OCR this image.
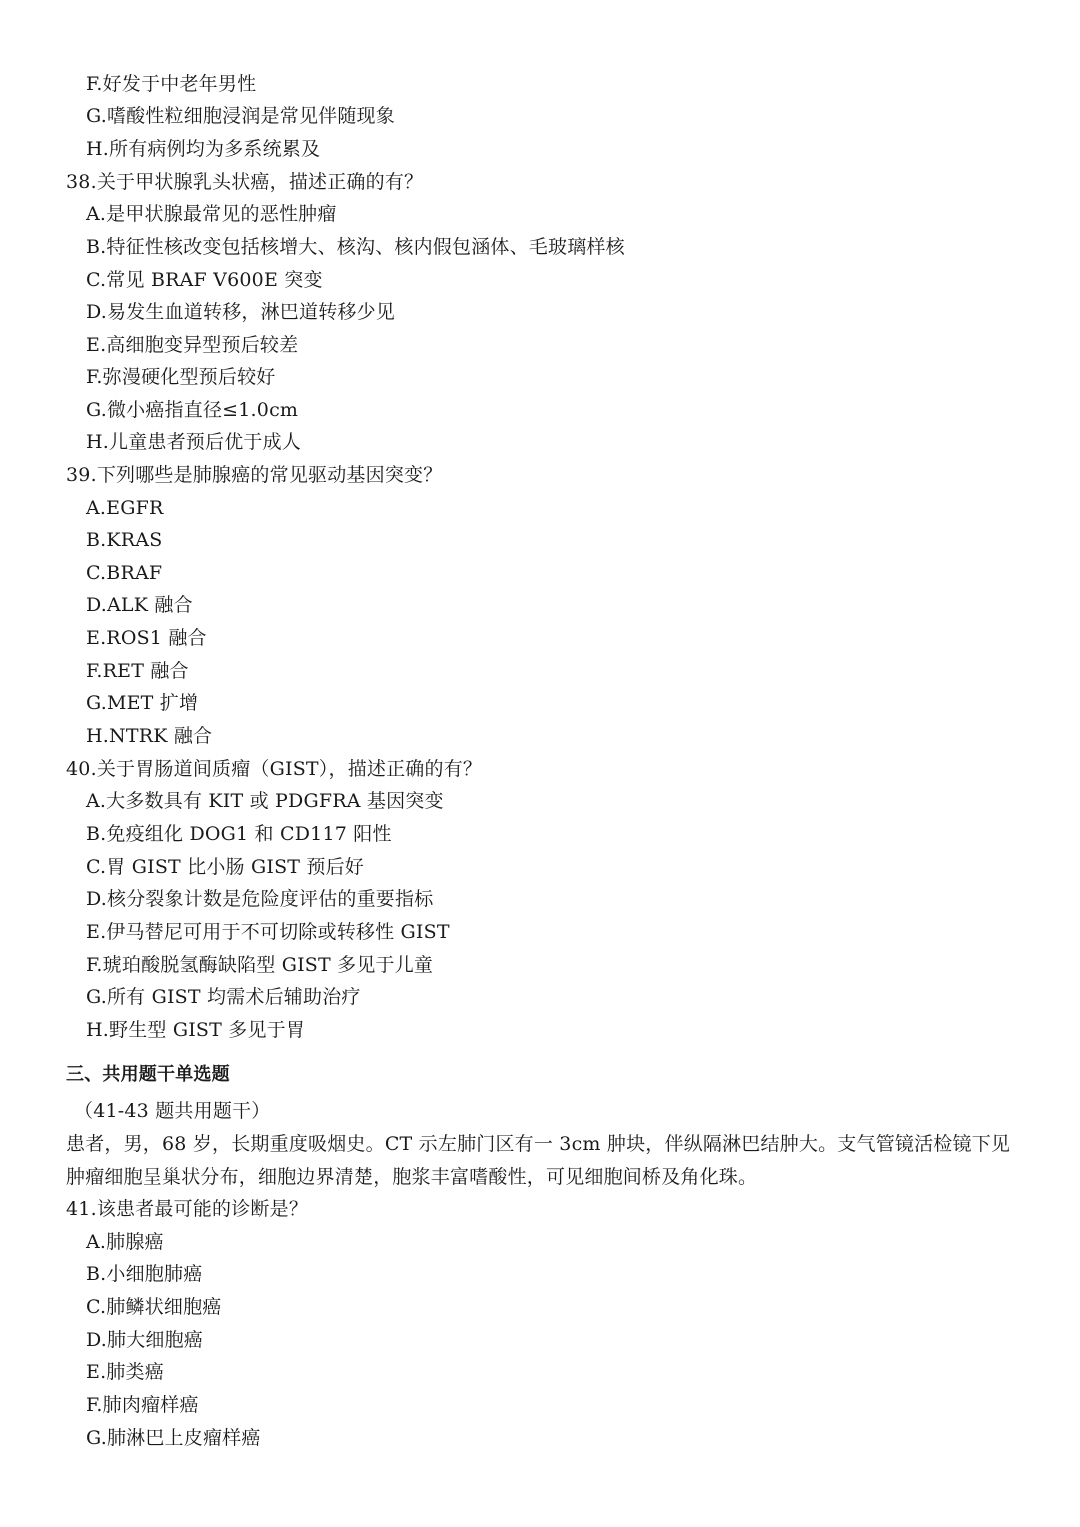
F.好发于中老年男性
G.嗜酸性粒细胞浸润是常见伴随现象
H.所有病例均为多系统累及
38.关于甲状腺乳头状癌，描述正确的有？
A.是甲状腺最常见的恶性肿瘤
B.特征性核改变包括核增大、核沟、核内假包涵体、毛玻璃样核
C.常见 BRAF V600E 突变
D.易发生血道转移，淋巴道转移少见
E.高细胞变异型预后较差
F.弥漫硬化型预后较好
G.微小癌指直径≤1.0cm
H.儿童患者预后优于成人
39.下列哪些是肺腺癌的常见驱动基因突变？
A.EGFR
B.KRAS
C.BRAF
D.ALK 融合
E.ROS1 融合
F.RET 融合
G.MET 扩增
H.NTRK 融合
40.关于胃肠道间质瘤（GIST），描述正确的有？
A.大多数具有 KIT 或 PDGFRA 基因突变
B.免疫组化 DOG1 和 CD117 阳性
C.胃 GIST 比小肠 GIST 预后好
D.核分裂象计数是危险度评估的重要指标
E.伊马替尼可用于不可切除或转移性 GIST
F.琥珀酸脱氢酶缺陷型 GIST 多见于儿童
G.所有 GIST 均需术后辅助治疗
H.野生型 GIST 多见于胃
三、共用题干单选题
（41-43 题共用题干）
患者，男，68 岁，长期重度吸烟史。CT 示左肺门区有一 3cm 肿块，伴纵隔淋巴结肿大。支气管镜活检镜下见
肿瘤细胞呈巢状分布，细胞边界清楚，胞浆丰富嗜酸性，可见细胞间桥及角化珠。
41.该患者最可能的诊断是？
A.肺腺癌
B.小细胞肺癌
C.肺鳞状细胞癌
D.肺大细胞癌
E.肺类癌
F.肺肉瘤样癌
G.肺淋巴上皮瘤样癌
